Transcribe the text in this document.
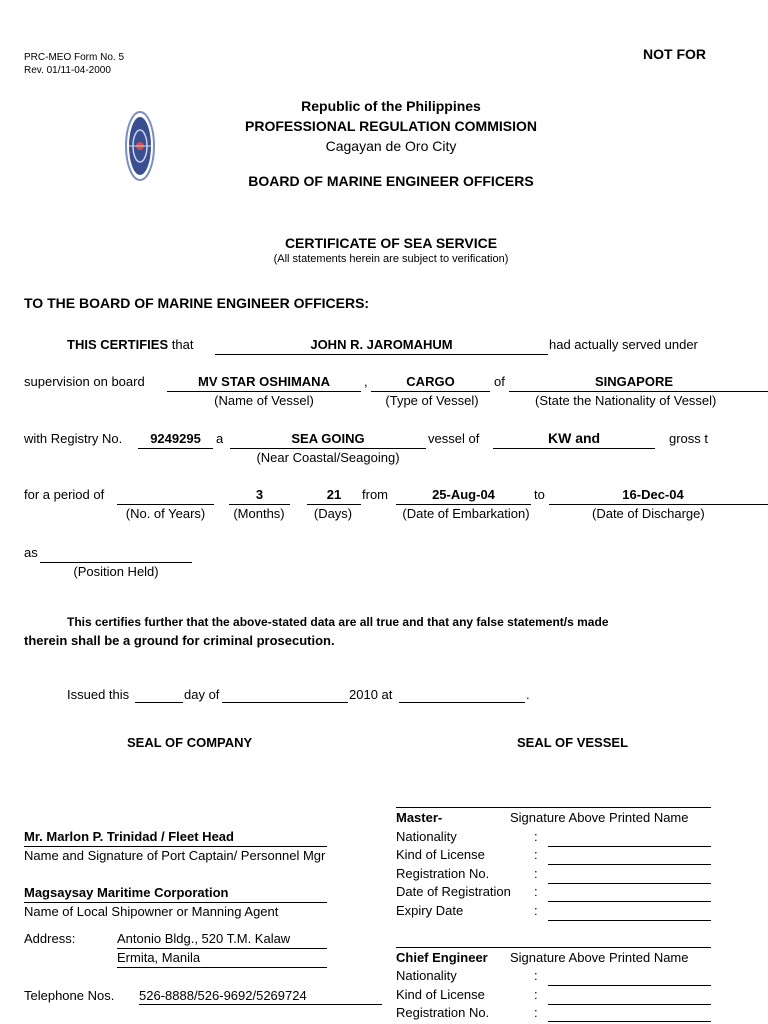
PRC-MEO Form No. 5
Rev. 01/11-04-2000
NOT FOR
Republic of the Philippines
PROFESSIONAL REGULATION COMMISION
Cagayan de Oro City
BOARD OF MARINE ENGINEER OFFICERS
CERTIFICATE OF SEA SERVICE
(All statements herein are subject to verification)
TO THE BOARD OF MARINE ENGINEER OFFICERS:
THIS CERTIFIES that	JOHN R. JAROMAHUM	had actually served under
supervision on board	MV STAR OSHIMANA
(Name of Vessel)
,	CARGO
(Type of Vessel)
of	SINGAPORE
(State the Nationality of Vessel)
with Registry No.	9249295	a	SEA GOING
(Near Coastal/Seagoing)
vessel of	KW and	gross t
for a period of
(No. of Years)
3
(Months)
21
(Days)
from	25-Aug-04
(Date of Embarkation)
to	16-Dec-04
(Date of Discharge)
as
(Position Held)
This certifies further that the above-stated data are all true and that any false statement/s made
therein shall be a ground for criminal prosecution.
Issued this	day of	2010 at	.
SEAL OF COMPANY	SEAL OF VESSEL
Mr. Marlon P. Trinidad / Fleet Head
Name and Signature of Port Captain/ Personnel Mgr
Magsaysay Maritime Corporation
Name of Local Shipowner or Manning Agent
Address:	Antonio Bldg., 520 T.M. Kalaw
Ermita, Manila
Telephone Nos. 526-8888/526-9692/5269724
Master-	Signature Above Printed Name
Nationality	:
Kind of License	:
Registration No.	:
Date of Registration :
Expiry Date	:
Chief Engineer Signature Above Printed Name
Nationality	:
Kind of License	:
Registration No.	:
